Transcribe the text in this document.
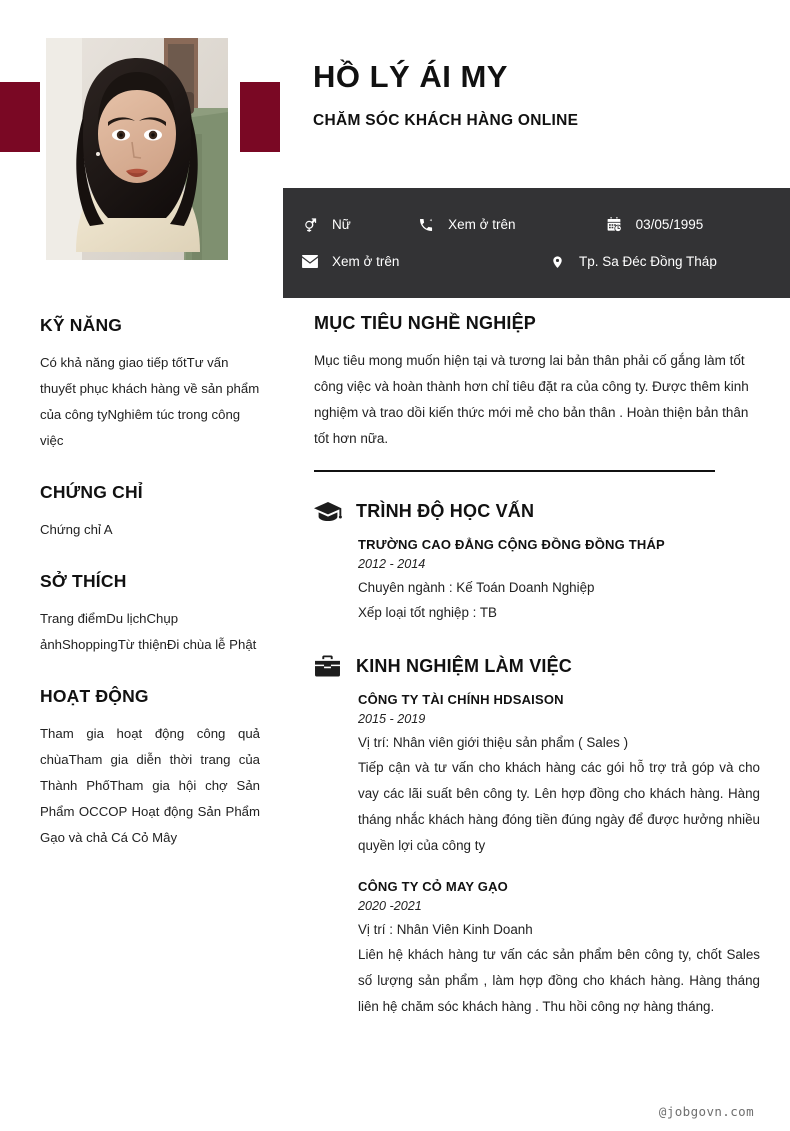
HỒ LÝ ÁI MY
CHĂM SÓC KHÁCH HÀNG ONLINE
Nữ	Xem ở trên	03/05/1995
Xem ở trên	Tp. Sa Đéc Đồng Tháp
KỸ NĂNG
Có khả năng giao tiếp tốtTư vấn thuyết phục khách hàng về sản phẩm của công tyNghiêm túc trong công việc
CHỨNG CHỈ
Chứng chỉ A
SỞ THÍCH
Trang điểmDu lịchChụp ảnhShoppingTừ thiệnĐi chùa lễ Phật
HOẠT ĐỘNG
Tham gia hoạt động công quả chùaTham gia diễn thời trang của Thành PhốTham gia hội chợ Sản Phẩm OCCOP Hoạt động Sản Phẩm Gạo và chả Cá Cỏ Mây
MỤC TIÊU NGHỀ NGHIỆP
Mục tiêu mong muốn hiện tại và tương lai bản thân phải cố gắng làm tốt công việc và hoàn thành hơn chỉ tiêu đặt ra của công ty. Được thêm kinh nghiệm và trao dồi kiến thức mới mẻ cho bản thân . Hoàn thiện bản thân tốt hơn nữa.
TRÌNH ĐỘ HỌC VẤN
TRƯỜNG CAO ĐẲNG CỘNG ĐỒNG ĐỒNG THÁP
2012 - 2014
Chuyên ngành : Kế Toán Doanh Nghiệp
Xếp loại tốt nghiệp : TB
KINH NGHIỆM LÀM VIỆC
CÔNG TY TÀI CHÍNH HDSAISON
2015 - 2019
Vị trí: Nhân viên giới thiệu sản phẩm ( Sales )
Tiếp cận và tư vấn cho khách hàng các gói hỗ trợ trả góp và cho vay các lãi suất bên công ty. Lên hợp đồng cho khách hàng. Hàng tháng nhắc khách hàng đóng tiền đúng ngày để được hưởng nhiều quyền lợi của công ty
CÔNG TY CỎ MAY GẠO
2020 -2021
Vị trí : Nhân Viên Kinh Doanh
Liên hệ khách hàng tư vấn các sản phẩm bên công ty, chốt Sales số lượng sản phẩm , làm hợp đồng cho khách hàng. Hàng tháng liên hệ chăm sóc khách hàng . Thu hồi công nợ hàng tháng.
@jobgovn.com
